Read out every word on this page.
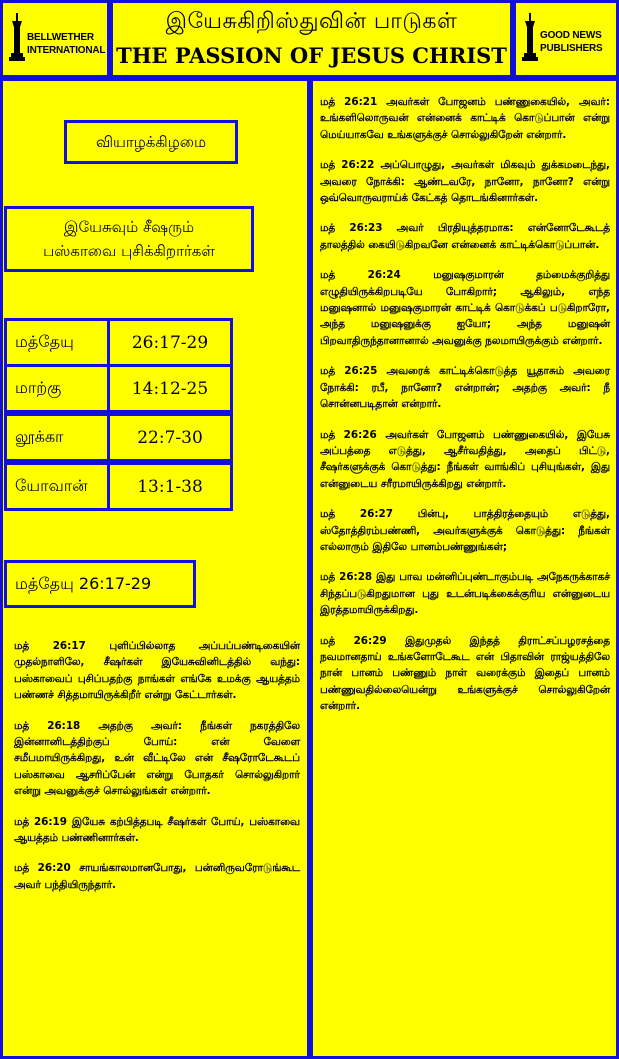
BELLWETHER
INTERNATIONAL
இயேசுகிறிஸ்துவின் பாடுகள்
THE PASSION OF JESUS CHRIST
GOOD NEWS
PUBLISHERS
வியாழக்கிழமை
இயேசுவும் சீஷரும்
பஸ்காவை புசிக்கிறார்கள்
மத்தேயு	26:17-29
மாற்கு	14:12-25
லூக்கா	22:7-30
யோவான்	13:1-38
மத்தேயு 26:17-29

மத் 26:17 புளிப்பில்லாத அப்பப்பண்டிகையின் முதல்நாளிலே, சீஷர்கள் இயேசுவினிடத்தில் வந்து: பஸ்காவைப் புசிப்பதற்கு நாங்கள் எங்கே உமக்கு ஆயத்தம் பண்ணச் சித்தமாயிருக்கிறீர் என்று கேட்டார்கள்.

மத் 26:18 அதற்கு அவர்: நீங்கள் நகரத்திலே இன்னானிடத்திற்குப் போய்: என் வேளை சமீபமாயிருக்கிறது, உன் வீட்டிலே என் சீஷரோடேகூடப் பஸ்காவை ஆசரிப்பேன் என்று போதகர் சொல்லுகிறார் என்று அவனுக்குச் சொல்லுங்கள் என்றார்.

மத் 26:19 இயேசு கற்பித்தபடி சீஷர்கள் போய், பஸ்காவை ஆயத்தம் பண்ணினார்கள்.

மத் 26:20 சாயங்காலமானபோது, பன்னிருவரோடுங்கூட அவர் பந்தியிருந்தார்.

மத் 26:21 அவர்கள் போஜனம் பண்ணுகையில், அவர்: உங்களிலொருவன் என்னைக் காட்டிக் கொடுப்பான் என்று மெய்யாகவே உங்களுக்குச் சொல்லுகிறேன் என்றார்.

மத் 26:22 அப்பொழுது, அவர்கள் மிகவும் துக்கமடைந்து, அவரை நோக்கி: ஆண்டவரே, நானோ, நானோ? என்று ஒவ்வொருவராய்க் கேட்கத் தொடங்கினார்கள்.

மத் 26:23 அவர் பிரதியுத்தரமாக: என்னோடேகூடத் தாலத்தில் கையிடுகிறவனே என்னைக் காட்டிக்கொடுப்பான்.

மத் 26:24 மனுஷகுமாரன் தம்மைக்குறித்து எழுதியிருக்கிறபடியே போகிறார்; ஆகிலும், எந்த மனுஷனால் மனுஷகுமாரன் காட்டிக் கொடுக்கப் படுகிறாரோ, அந்த மனுஷனுக்கு ஐயோ; அந்த மனுஷன் பிறவாதிருந்தானானால் அவனுக்கு நலமாயிருக்கும் என்றார்.

மத் 26:25 அவரைக் காட்டிக்கொடுத்த யூதாசும் அவரை நோக்கி: ரபீ, நானோ? என்றான்; அதற்கு அவர்: நீ சொன்னபடிதான் என்றார்.

மத் 26:26 அவர்கள் போஜனம் பண்ணுகையில், இயேசு அப்பத்தை எடுத்து, ஆசீர்வதித்து, அதைப் பிட்டு, சீஷர்களுக்குக் கொடுத்து: நீங்கள் வாங்கிப் புசியுங்கள், இது என்னுடைய சரீரமாயிருக்கிறது என்றார்.

மத் 26:27 பின்பு, பாத்திரத்தையும் எடுத்து, ஸ்தோத்திரம்பண்ணி, அவர்களுக்குக் கொடுத்து: நீங்கள் எல்லாரும் இதிலே பானம்பண்ணுங்கள்;

மத் 26:28 இது பாவ மன்னிப்புண்டாகும்படி அநேகருக்காகச் சிந்தப்படுகிறதுமான புது உடன்படிக்கைக்குரிய என்னுடைய இரத்தமாயிருக்கிறது.

மத் 26:29 இதுமுதல் இந்தத் திராட்சப்பழரசத்தை நவமானதாய் உங்களோடேகூட என் பிதாவின் ராஜ்யத்திலே நான் பானம் பண்ணும் நாள் வரைக்கும் இதைப் பானம் பண்ணுவதில்லையென்று உங்களுக்குச் சொல்லுகிறேன் என்றார்.
